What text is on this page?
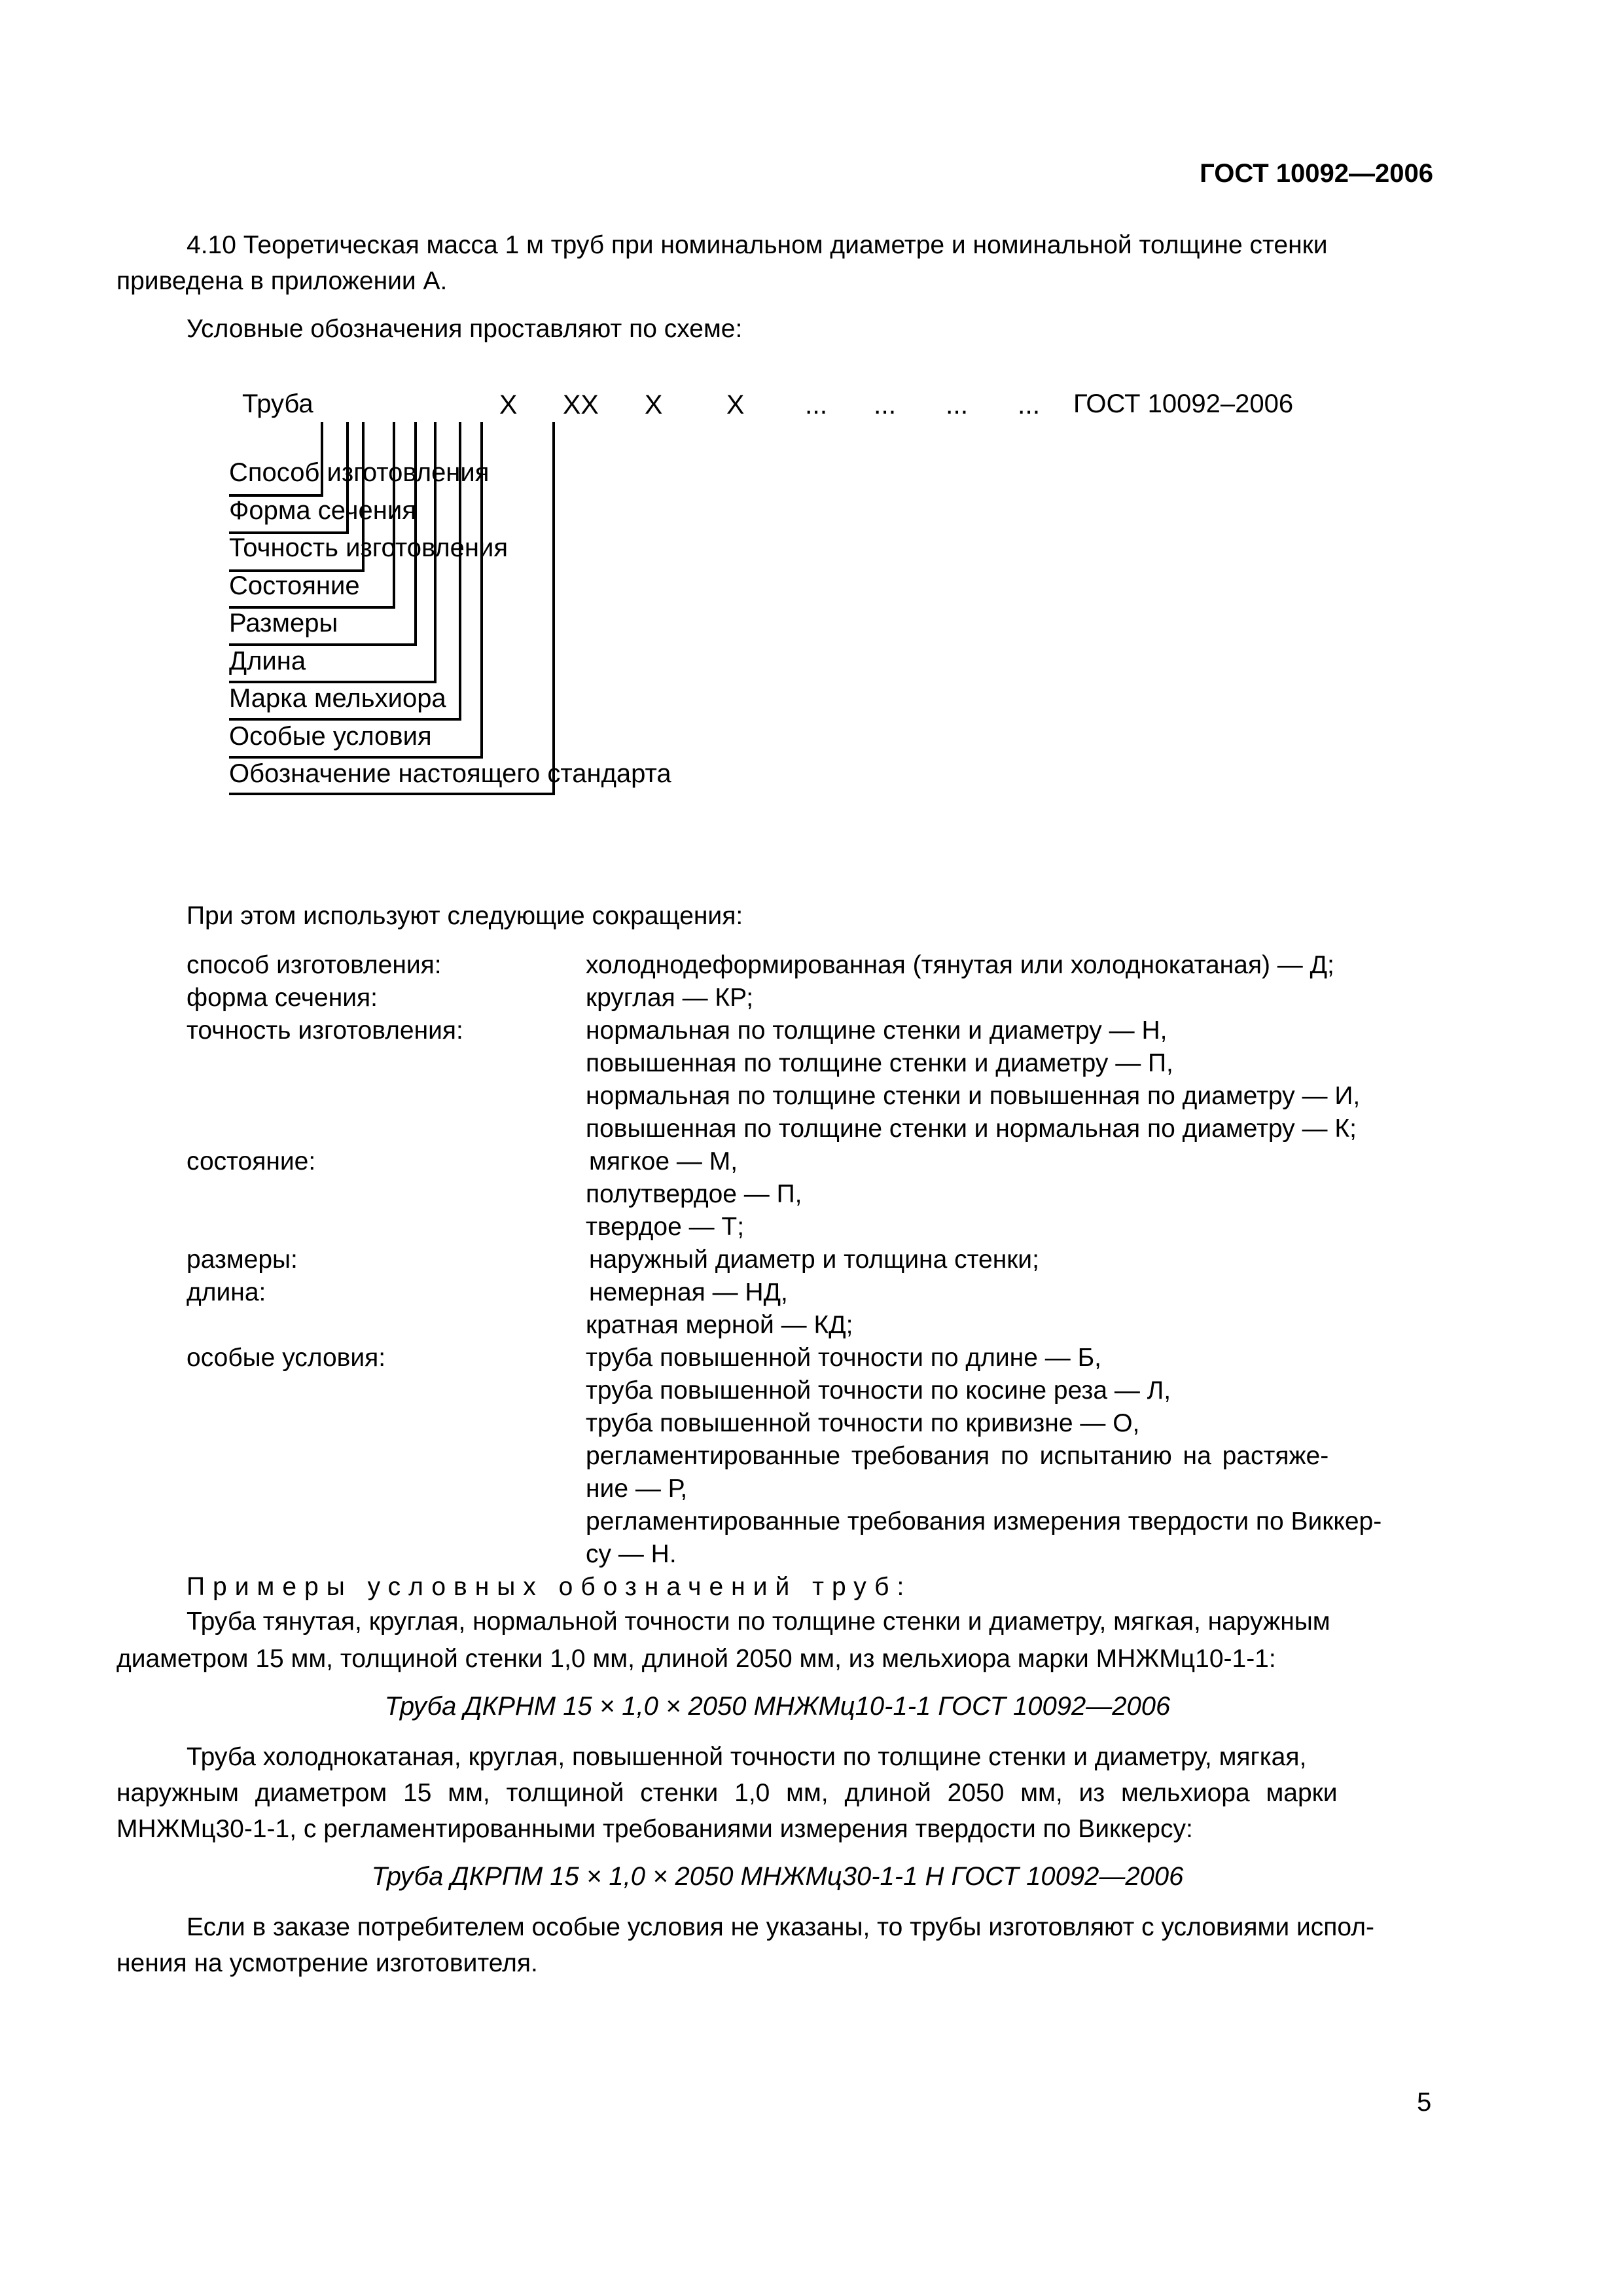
ГОСТ 10092—2006
4.10 Теоретическая масса 1 м труб при номинальном диаметре и номинальной толщине стенки
приведена в приложении А.
Условные обозначения проставляют по схеме:
Труба	Х ХХ Х Х ... ... ... ... ГОСТ 10092–2006
Способ изготовления
Форма сечения
Точность изготовления
Состояние
Размеры
Длина
Марка мельхиора
Особые условия
Обозначение настоящего стандарта
При этом используют следующие сокращения:
способ изготовления:	холоднодеформированная (тянутая или холоднокатаная) — Д;
форма сечения:	круглая — КР;
точность изготовления:	нормальная по толщине стенки и диаметру — Н,
повышенная по толщине стенки и диаметру — П,
нормальная по толщине стенки и повышенная по диаметру — И,
повышенная по толщине стенки и нормальная по диаметру — К;
состояние:	мягкое — М,
полутвердое — П,
твердое — Т;
размеры:	наружный диаметр и толщина стенки;
длина:	немерная — НД,
кратная мерной — КД;
особые условия:	труба повышенной точности по длине — Б,
труба повышенной точности по косине реза — Л,
труба повышенной точности по кривизне — О,
регламентированные требования по испытанию на растяже-
ние — Р,
регламентированные требования измерения твердости по Виккер-
су — Н.
Примеры условных обозначений труб:
Труба тянутая, круглая, нормальной точности по толщине стенки и диаметру, мягкая, наружным
диаметром 15 мм, толщиной стенки 1,0 мм, длиной 2050 мм, из мельхиора марки МНЖМц10-1-1:
Труба ДКРНМ 15 × 1,0 × 2050 МНЖМц10-1-1 ГОСТ 10092—2006
Труба холоднокатаная, круглая, повышенной точности по толщине стенки и диаметру, мягкая,
наружным диаметром 15 мм, толщиной стенки 1,0 мм, длиной 2050 мм, из мельхиора марки
МНЖМц30-1-1, с регламентированными требованиями измерения твердости по Виккерсу:
Труба ДКРПМ 15 × 1,0 × 2050 МНЖМц30-1-1 Н ГОСТ 10092—2006
Если в заказе потребителем особые условия не указаны, то трубы изготовляют с условиями испол-
нения на усмотрение изготовителя.
5
